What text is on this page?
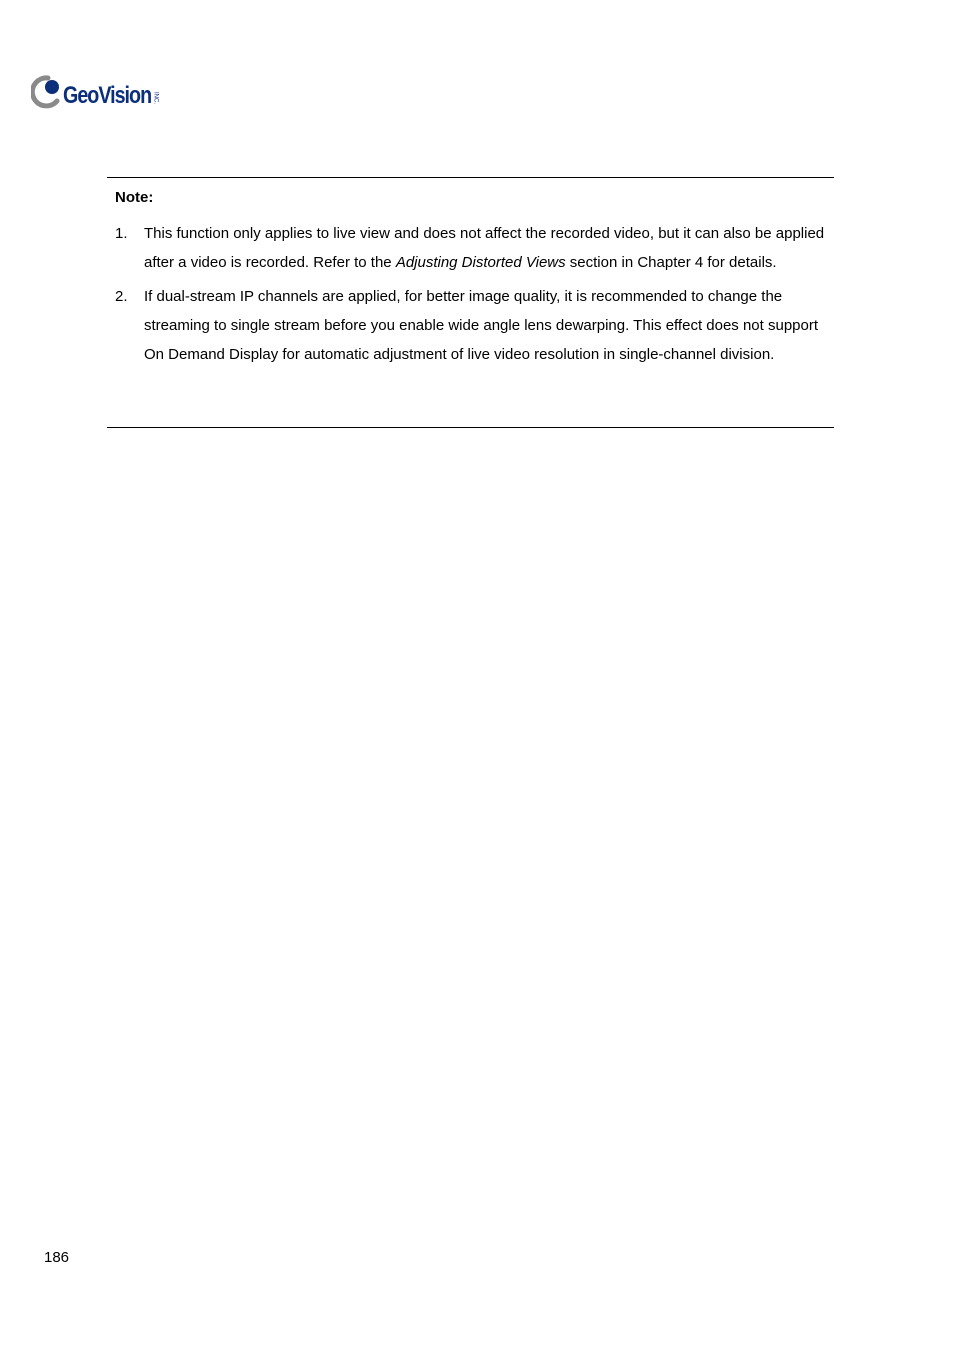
GeoVision INC.
Note:
1. This function only applies to live view and does not affect the recorded video, but it can also be applied after a video is recorded. Refer to the Adjusting Distorted Views section in Chapter 4 for details.
2. If dual-stream IP channels are applied, for better image quality, it is recommended to change the streaming to single stream before you enable wide angle lens dewarping. This effect does not support On Demand Display for automatic adjustment of live video resolution in single-channel division.
186
